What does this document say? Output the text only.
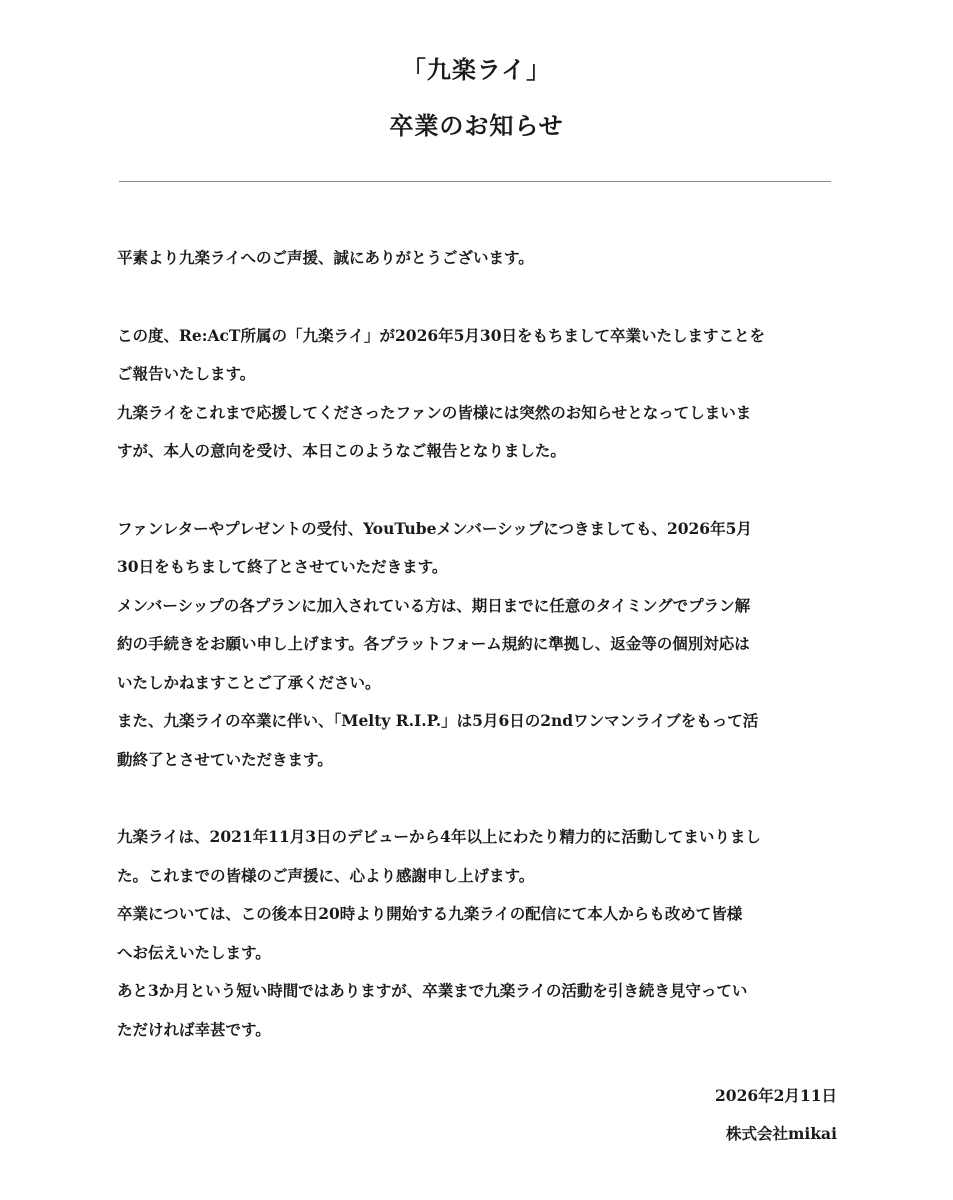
「九楽ライ」
卒業のお知らせ

平素より九楽ライへのご声援、誠にありがとうございます。

この度、Re:AcT所属の「九楽ライ」が2026年5月30日をもちまして卒業いたしますことを
ご報告いたします。
九楽ライをこれまで応援してくださったファンの皆様には突然のお知らせとなってしまいま
すが、本人の意向を受け、本日このようなご報告となりました。

ファンレターやプレゼントの受付、YouTubeメンバーシップにつきましても、2026年5月
30日をもちまして終了とさせていただきます。
メンバーシップの各プランに加入されている方は、期日までに任意のタイミングでプラン解
約の手続きをお願い申し上げます。各プラットフォーム規約に準拠し、返金等の個別対応は
いたしかねますことご了承ください。
また、九楽ライの卒業に伴い、「Melty R.I.P.」は5月6日の2ndワンマンライブをもって活
動終了とさせていただきます。

九楽ライは、2021年11月3日のデビューから4年以上にわたり精力的に活動してまいりまし
た。これまでの皆様のご声援に、心より感謝申し上げます。
卒業については、この後本日20時より開始する九楽ライの配信にて本人からも改めて皆様
へお伝えいたします。
あと3か月という短い時間ではありますが、卒業まで九楽ライの活動を引き続き見守ってい
ただければ幸甚です。

2026年2月11日
株式会社mikai
